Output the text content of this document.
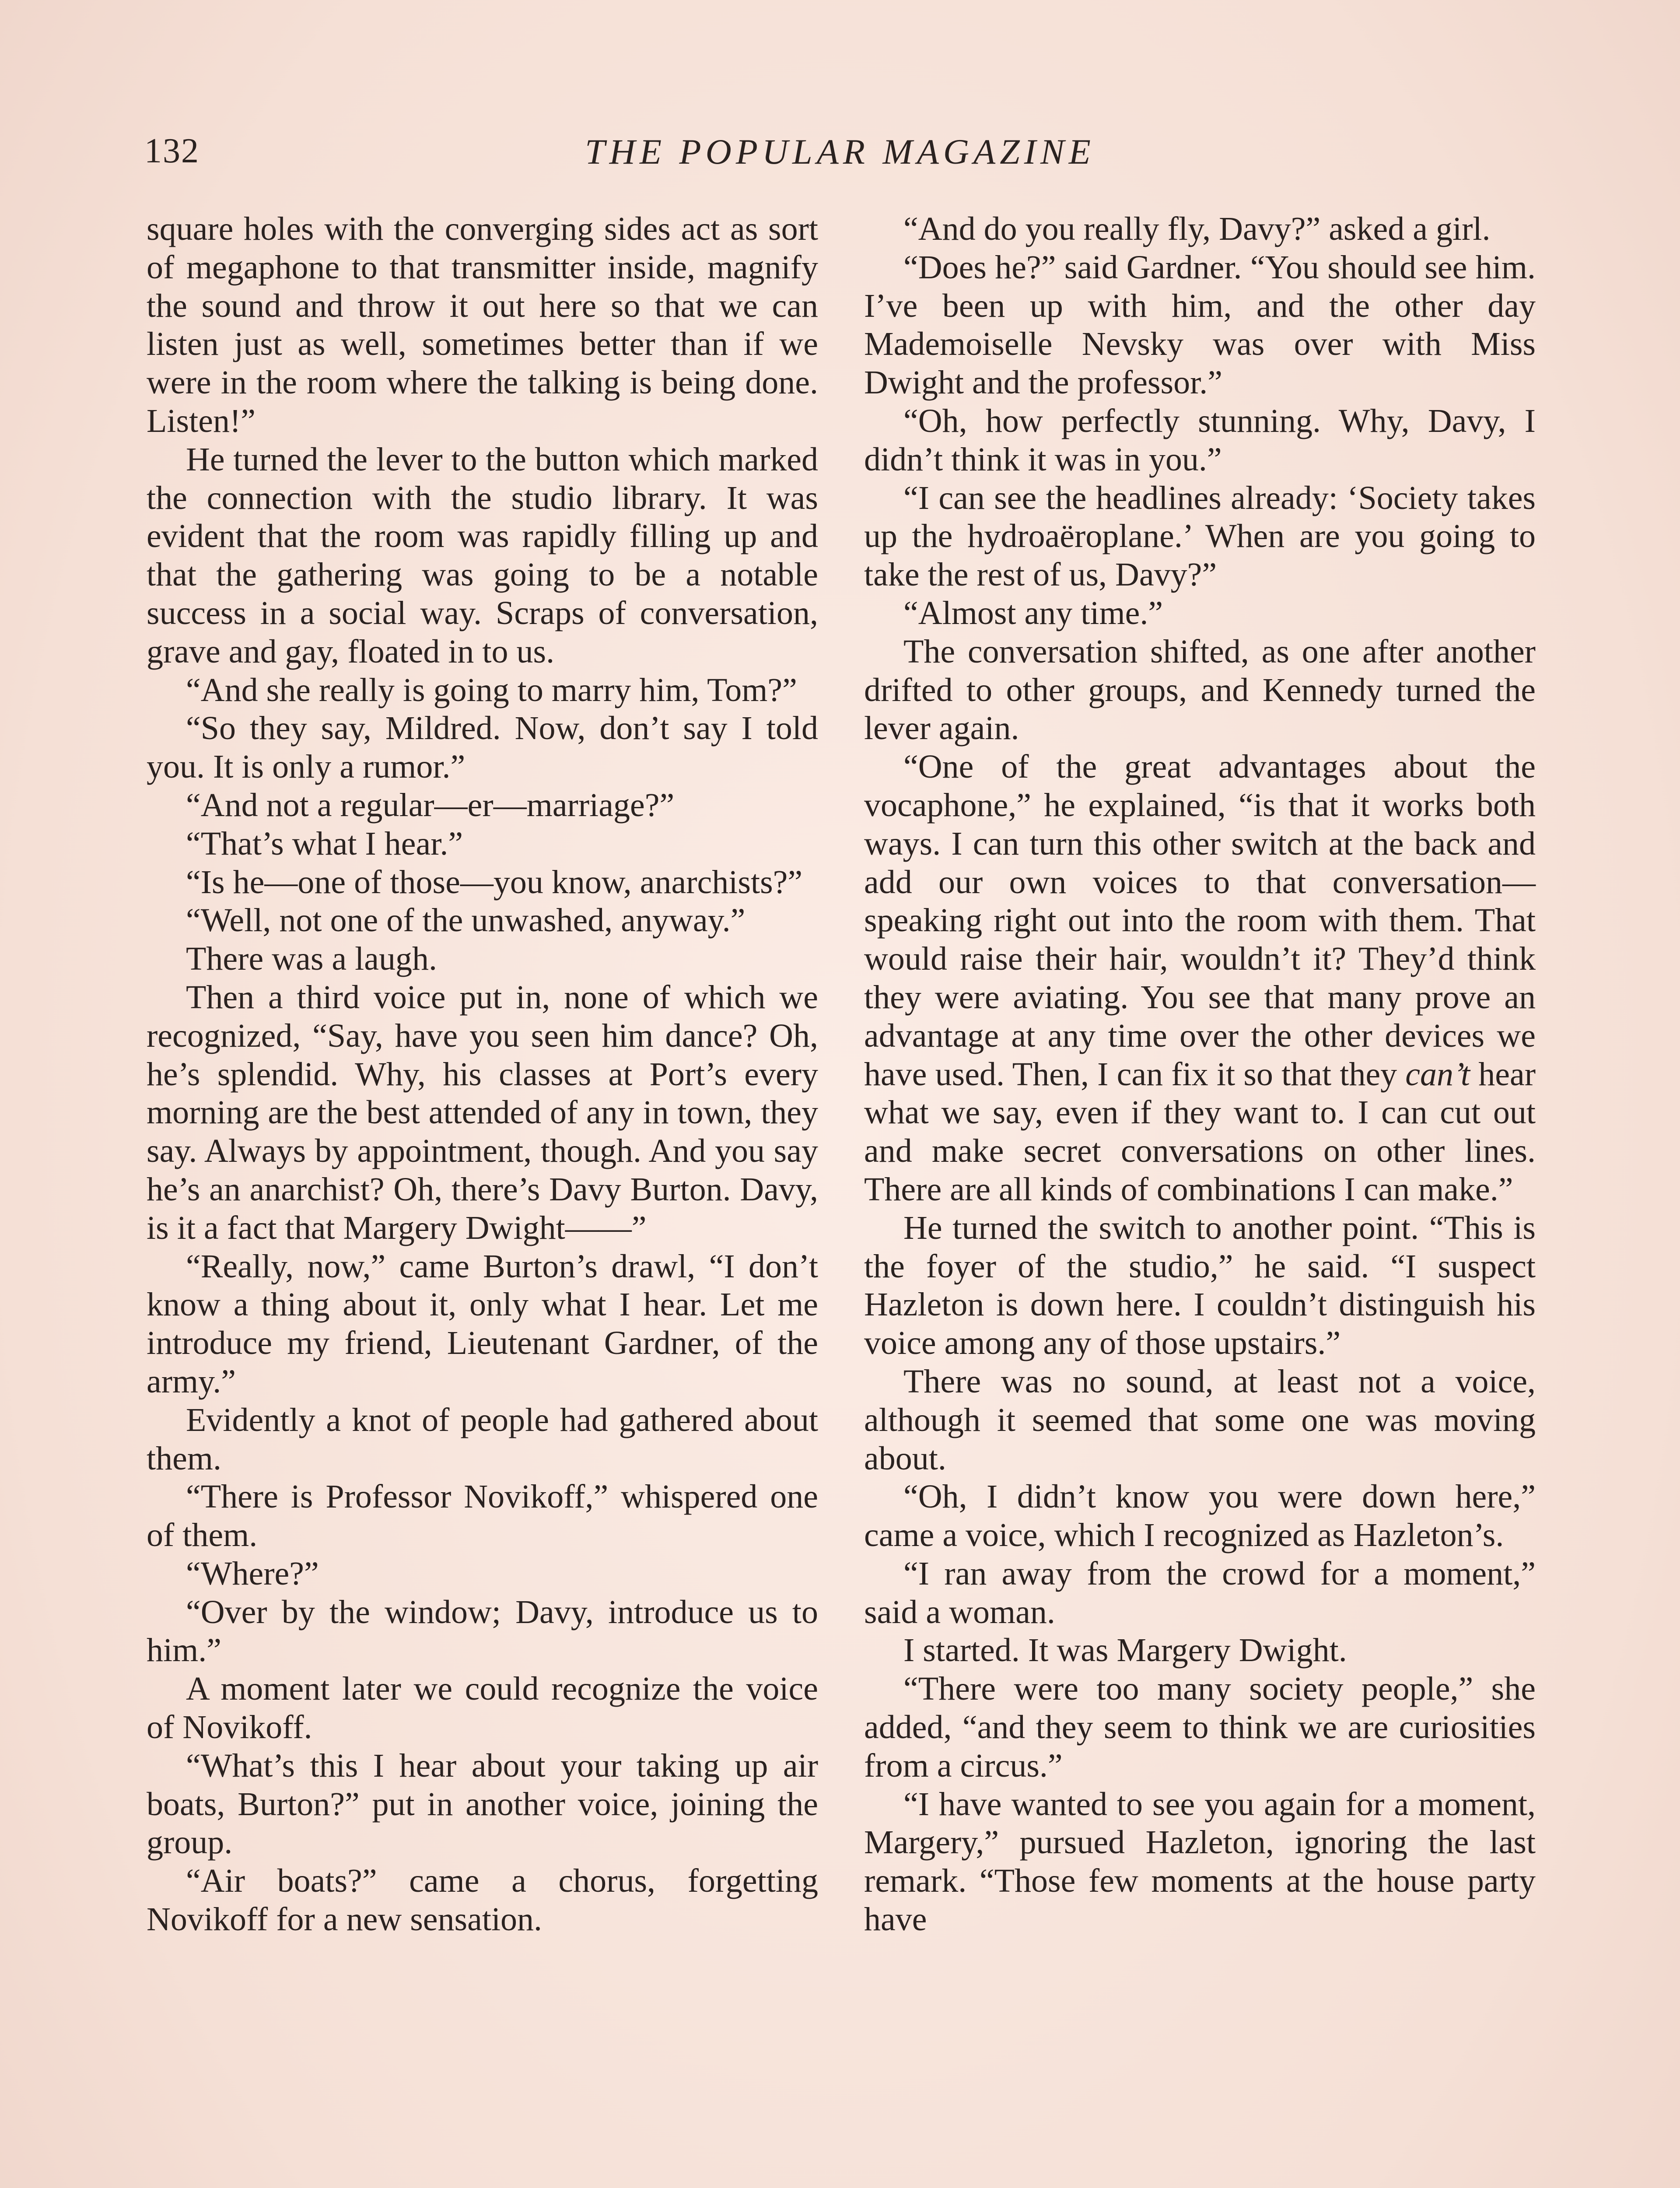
132	THE POPULAR MAGAZINE

square holes with the converging sides act as sort of megaphone to that transmitter inside, magnify the sound and throw it out here so that we can listen just as well, sometimes better than if we were in the room where the talking is being done. Listen!”

He turned the lever to the button which marked the connection with the studio library. It was evident that the room was rapidly filling up and that the gathering was going to be a notable success in a social way. Scraps of conversation, grave and gay, floated in to us.

“And she really is going to marry him, Tom?”

“So they say, Mildred. Now, don’t say I told you. It is only a rumor.”

“And not a regular—er—marriage?”

“That’s what I hear.”

“Is he—one of those—you know, anarchists?”

“Well, not one of the unwashed, anyway.”

There was a laugh.

Then a third voice put in, none of which we recognized, “Say, have you seen him dance? Oh, he’s splendid. Why, his classes at Port’s every morning are the best attended of any in town, they say. Always by appointment, though. And you say he’s an anarchist? Oh, there’s Davy Burton. Davy, is it a fact that Margery Dwight——”

“Really, now,” came Burton’s drawl, “I don’t know a thing about it, only what I hear. Let me introduce my friend, Lieutenant Gardner, of the army.”

Evidently a knot of people had gathered about them.

“There is Professor Novikoff,” whispered one of them.

“Where?”

“Over by the window; Davy, introduce us to him.”

A moment later we could recognize the voice of Novikoff.

“What’s this I hear about your taking up air boats, Burton?” put in another voice, joining the group.

“Air boats?” came a chorus, forgetting Novikoff for a new sensation.

“And do you really fly, Davy?” asked a girl.

“Does he?” said Gardner. “You should see him. I’ve been up with him, and the other day Mademoiselle Nevsky was over with Miss Dwight and the professor.”

“Oh, how perfectly stunning. Why, Davy, I didn’t think it was in you.”

“I can see the headlines already: ‘Society takes up the hydroaëroplane.’ When are you going to take the rest of us, Davy?”

“Almost any time.”

The conversation shifted, as one after another drifted to other groups, and Kennedy turned the lever again.

“One of the great advantages about the vocaphone,” he explained, “is that it works both ways. I can turn this other switch at the back and add our own voices to that conversation—speaking right out into the room with them. That would raise their hair, wouldn’t it? They’d think they were aviating. You see that many prove an advantage at any time over the other devices we have used. Then, I can fix it so that they can’t hear what we say, even if they want to. I can cut out and make secret conversations on other lines. There are all kinds of combinations I can make.”

He turned the switch to another point. “This is the foyer of the studio,” he said. “I suspect Hazleton is down here. I couldn’t distinguish his voice among any of those upstairs.”

There was no sound, at least not a voice, although it seemed that some one was moving about.

“Oh, I didn’t know you were down here,” came a voice, which I recognized as Hazleton’s.

“I ran away from the crowd for a moment,” said a woman.

I started. It was Margery Dwight.

“There were too many society people,” she added, “and they seem to think we are curiosities from a circus.”

“I have wanted to see you again for a moment, Margery,” pursued Hazleton, ignoring the last remark. “Those few moments at the house party have
